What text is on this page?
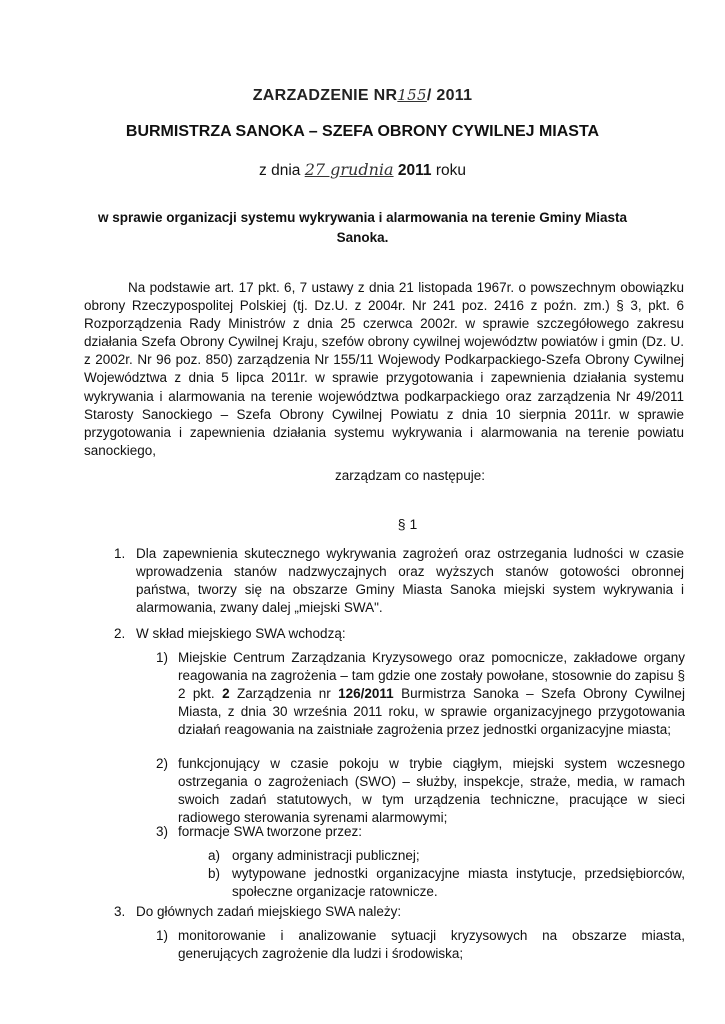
ZARZADZENIE NR155/ 2011
BURMISTRZA SANOKA – SZEFA OBRONY CYWILNEJ MIASTA
z dnia 27 grudnia 2011 roku
w sprawie organizacji systemu wykrywania i alarmowania na terenie Gminy Miasta Sanoka.
Na podstawie art. 17 pkt. 6, 7 ustawy z dnia 21 listopada 1967r. o powszechnym obowiązku obrony Rzeczypospolitej Polskiej (tj. Dz.U. z 2004r. Nr 241 poz. 2416 z poźn. zm.) § 3, pkt. 6 Rozporządzenia Rady Ministrów z dnia 25 czerwca 2002r. w sprawie szczegółowego zakresu działania Szefa Obrony Cywilnej Kraju, szefów obrony cywilnej województw powiatów i gmin (Dz. U. z 2002r. Nr 96 poz. 850) zarządzenia Nr 155/11 Wojewody Podkarpackiego-Szefa Obrony Cywilnej Województwa z dnia 5 lipca 2011r. w sprawie przygotowania i zapewnienia działania systemu wykrywania i alarmowania na terenie województwa podkarpackiego oraz zarządzenia Nr 49/2011 Starosty Sanockiego – Szefa Obrony Cywilnej Powiatu z dnia 10 sierpnia 2011r. w sprawie przygotowania i zapewnienia działania systemu wykrywania i alarmowania na terenie powiatu sanockiego,
zarządzam co następuje:
§ 1
1. Dla zapewnienia skutecznego wykrywania zagrożeń oraz ostrzegania ludności w czasie wprowadzenia stanów nadzwyczajnych oraz wyższych stanów gotowości obronnej państwa, tworzy się na obszarze Gminy Miasta Sanoka miejski system wykrywania i alarmowania, zwany dalej „miejski SWA".
2. W skład miejskiego SWA wchodzą:
1) Miejskie Centrum Zarządzania Kryzysowego oraz pomocnicze, zakładowe organy reagowania na zagrożenia – tam gdzie one zostały powołane, stosownie do zapisu § 2 pkt. 2 Zarządzenia nr 126/2011 Burmistrza Sanoka – Szefa Obrony Cywilnej Miasta, z dnia 30 września 2011 roku, w sprawie organizacyjnego przygotowania działań reagowania na zaistniałe zagrożenia przez jednostki organizacyjne miasta;
2) funkcjonujący w czasie pokoju w trybie ciągłym, miejski system wczesnego ostrzegania o zagrożeniach (SWO) – służby, inspekcje, straże, media, w ramach swoich zadań statutowych, w tym urządzenia techniczne, pracujące w sieci radiowego sterowania syrenami alarmowymi;
3) formacje SWA tworzone przez:
a) organy administracji publicznej;
b) wytypowane jednostki organizacyjne miasta instytucje, przedsiębiorców, społeczne organizacje ratownicze.
3. Do głównych zadań miejskiego SWA należy:
1) monitorowanie i analizowanie sytuacji kryzysowych na obszarze miasta, generujących zagrożenie dla ludzi i środowiska;
